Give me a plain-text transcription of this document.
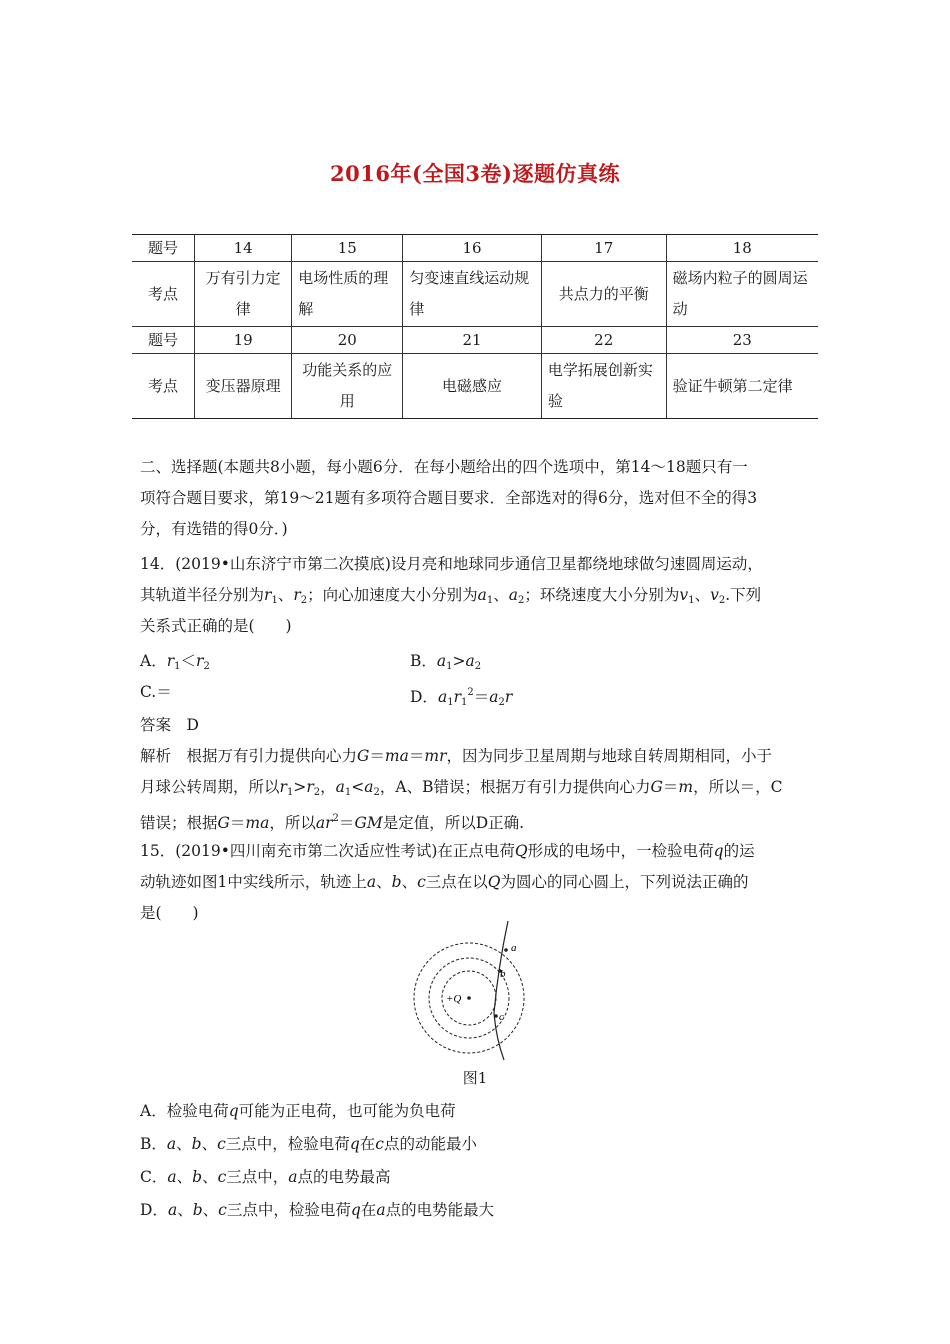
2016年(全国3卷)逐题仿真练
题号	14	15	16	17	18
考点	万有引力定律	电场性质的理解	匀变速直线运动规律	共点力的平衡	磁场内粒子的圆周运动
题号	19	20	21	22	23
考点	变压器原理	功能关系的应用	电磁感应	电学拓展创新实验	验证牛顿第二定律
二、选择题(本题共8小题，每小题6分．在每小题给出的四个选项中，第14～18题只有一
项符合题目要求，第19～21题有多项符合题目要求．全部选对的得6分，选对但不全的得3
分，有选错的得0分．)
14．(2019•山东济宁市第二次摸底)设月亮和地球同步通信卫星都绕地球做匀速圆周运动，
其轨道半径分别为$r_1$、$r_2$；向心加速度大小分别为$a_1$、$a_2$；环绕速度大小分别为$v_1$、$v_2$.下列
关系式正确的是(　　)
A．$r_1<r_2$	B．$a_1>a_2$
C.＝	D．$a_1r_1^2=a_2r$
答案　D
解析　根据万有引力提供向心力G＝ma＝mr，因为同步卫星周期与地球自转周期相同，小于
月球公转周期，所以$r_1>r_2$，$a_1<a_2$，A、B错误；根据万有引力提供向心力G＝m，所以＝，C
错误；根据G＝ma，所以$ar^2=GM$是定值，所以D正确.
15．(2019•四川南充市第二次适应性考试)在正点电荷Q形成的电场中，一检验电荷q的运
动轨迹如图1中实线所示，轨迹上a、b、c三点在以Q为圆心的同心圆上，下列说法正确的
是(　　)
a
b
c
+Q
图1
A．检验电荷q可能为正电荷，也可能为负电荷
B．a、b、c三点中，检验电荷q在c点的动能最小
C．a、b、c三点中，a点的电势最高
D．a、b、c三点中，检验电荷q在a点的电势能最大
